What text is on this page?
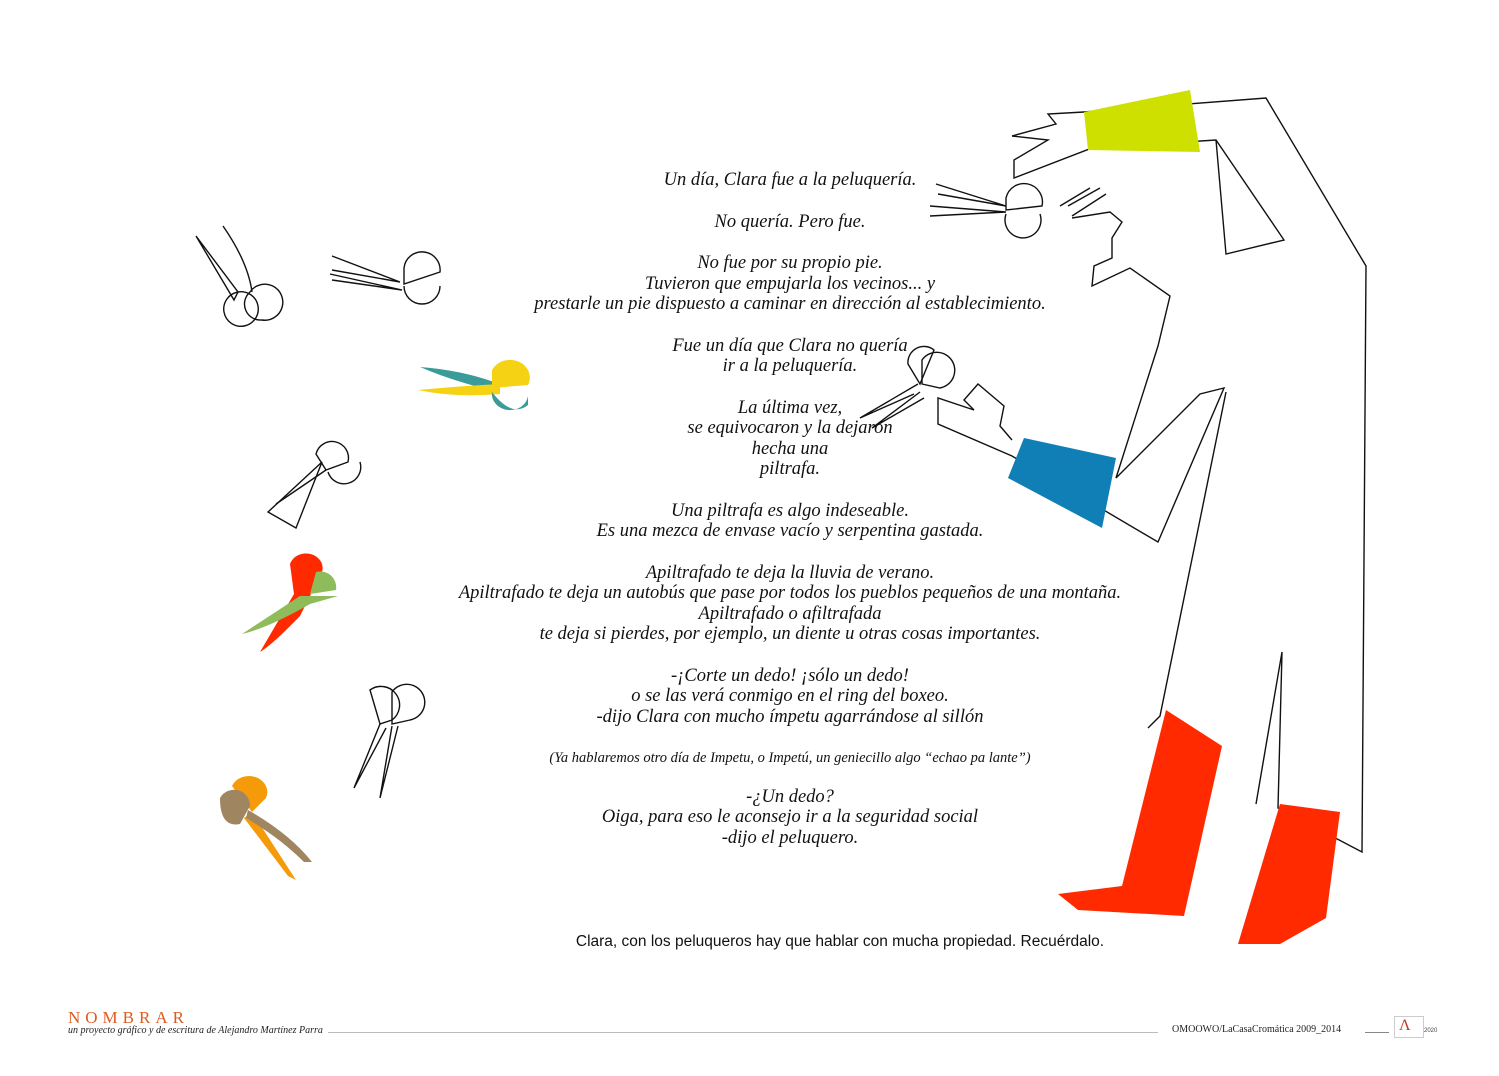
Un día, Clara fue a la peluquería.
No quería. Pero fue.
No fue por su propio pie.
Tuvieron que empujarla los vecinos... y
prestarle un pie dispuesto a caminar en dirección al establecimiento.
Fue un día que Clara no quería
ir a la peluquería.
La última vez,
se equivocaron y la dejaron
hecha una
piltrafa.
Una piltrafa es algo indeseable.
Es una mezca de envase vacío y serpentina gastada.
Apiltrafado te deja la lluvia de verano.
Apiltrafado te deja un autobús que pase por todos los pueblos pequeños de una montaña.
Apiltrafado o afiltrafada
te deja si pierdes, por ejemplo, un diente u otras cosas importantes.
-¡Corte un dedo! ¡sólo un dedo!
o se las verá conmigo en el ring del boxeo.
-dijo Clara con mucho ímpetu agarrándose al sillón
(Ya hablaremos otro día de Impetu, o Impetú, un geniecillo algo “echao pa lante”)
-¿Un dedo?
Oiga, para eso le aconsejo ir a la seguridad social
-dijo el peluquero.
Clara, con los peluqueros hay que hablar con mucha propiedad. Recuérdalo.
NOMBRAR
un proyecto gráfico y de escritura de Alejandro Martínez Parra	OMOOWO/LaCasaCromática 2009_2014	Λ 2020
